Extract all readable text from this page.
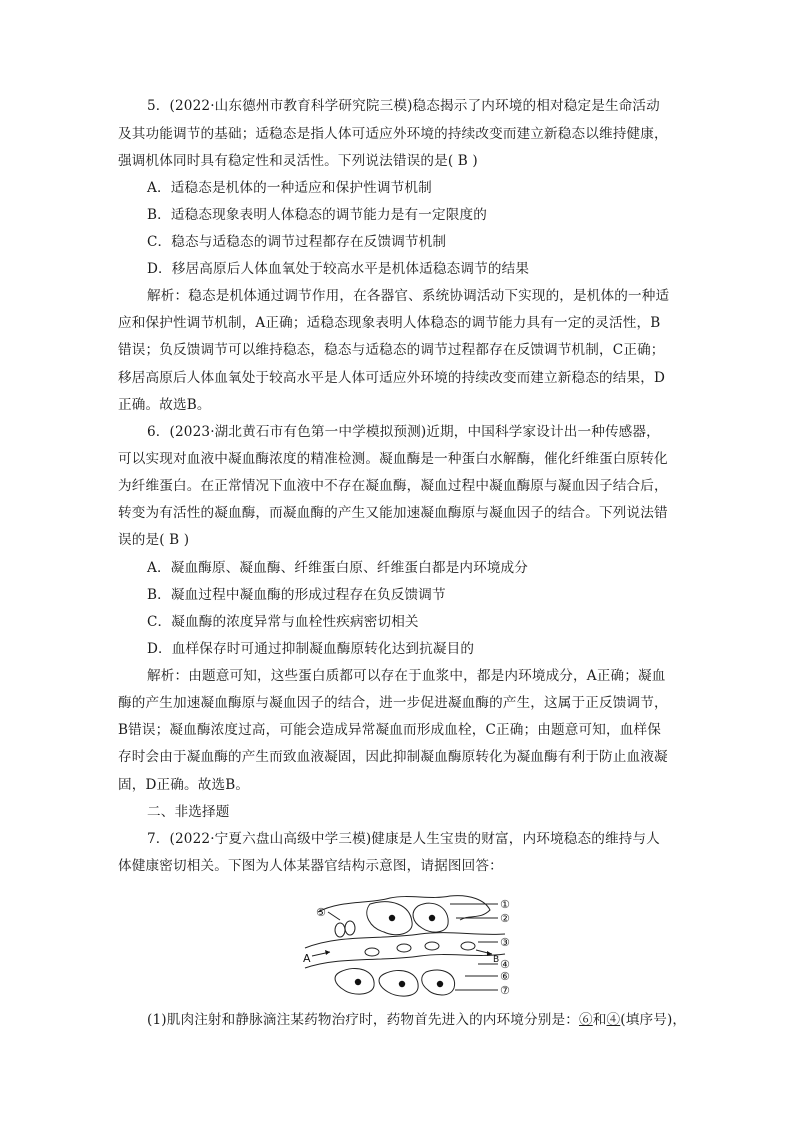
5．(2022·山东德州市教育科学研究院三模)稳态揭示了内环境的相对稳定是生命活动
及其功能调节的基础；适稳态是指人体可适应外环境的持续改变而建立新稳态以维持健康，
强调机体同时具有稳定性和灵活性。下列说法错误的是( B )
A．适稳态是机体的一种适应和保护性调节机制
B．适稳态现象表明人体稳态的调节能力是有一定限度的
C．稳态与适稳态的调节过程都存在反馈调节机制
D．移居高原后人体血氧处于较高水平是机体适稳态调节的结果
解析：稳态是机体通过调节作用，在各器官、系统协调活动下实现的，是机体的一种适
应和保护性调节机制，A正确；适稳态现象表明人体稳态的调节能力具有一定的灵活性，B
错误；负反馈调节可以维持稳态，稳态与适稳态的调节过程都存在反馈调节机制，C正确；
移居高原后人体血氧处于较高水平是人体可适应外环境的持续改变而建立新稳态的结果，D
正确。故选B。
6．(2023·湖北黄石市有色第一中学模拟预测)近期，中国科学家设计出一种传感器，
可以实现对血液中凝血酶浓度的精准检测。凝血酶是一种蛋白水解酶，催化纤维蛋白原转化
为纤维蛋白。在正常情况下血液中不存在凝血酶，凝血过程中凝血酶原与凝血因子结合后，
转变为有活性的凝血酶，而凝血酶的产生又能加速凝血酶原与凝血因子的结合。下列说法错
误的是( B )
A．凝血酶原、凝血酶、纤维蛋白原、纤维蛋白都是内环境成分
B．凝血过程中凝血酶的形成过程存在负反馈调节
C．凝血酶的浓度异常与血栓性疾病密切相关
D．血样保存时可通过抑制凝血酶原转化达到抗凝目的
解析：由题意可知，这些蛋白质都可以存在于血浆中，都是内环境成分，A正确；凝血
酶的产生加速凝血酶原与凝血因子的结合，进一步促进凝血酶的产生，这属于正反馈调节，
B错误；凝血酶浓度过高，可能会造成异常凝血而形成血栓，C正确；由题意可知，血样保
存时会由于凝血酶的产生而致血液凝固，因此抑制凝血酶原转化为凝血酶有利于防止血液凝
固，D正确。故选B。
二、非选择题
7．(2022·宁夏六盘山高级中学三模)健康是人生宝贵的财富，内环境稳态的维持与人
体健康密切相关。下图为人体某器官结构示意图，请据图回答：
①
②
③
④
⑥
⑦
⑤
A	B
(1)肌肉注射和静脉滴注某药物治疗时，药物首先进入的内环境分别是：⑥和④(填序号)，
